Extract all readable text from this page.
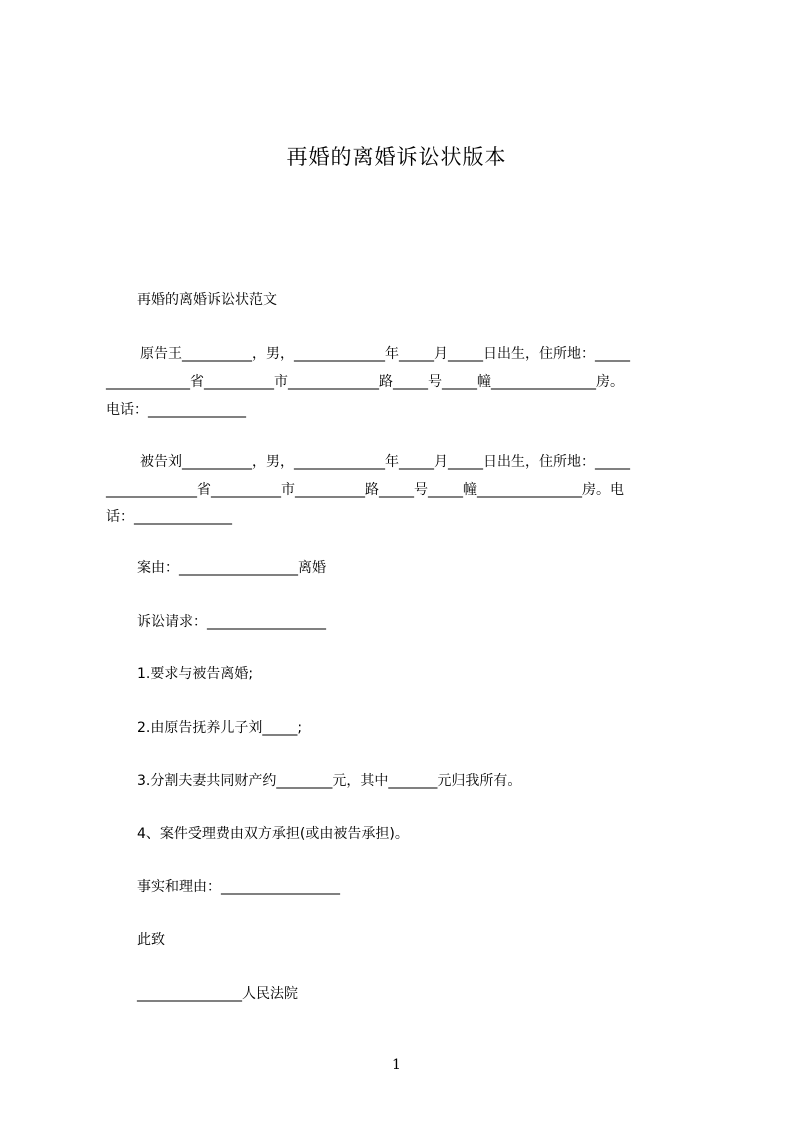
再婚的离婚诉讼状版本
再婚的离婚诉讼状范文
原告王__________，男，_____________年_____月_____日出生，住所地：_____
____________省__________市_____________路_____号_____幢_______________房。
电话：______________
被告刘__________，男，_____________年_____月_____日出生，住所地：_____
_____________省__________市__________路_____号_____幢_______________房。电
话：______________
案由：_________________离婚
诉讼请求：_________________
1.要求与被告离婚;
2.由原告抚养儿子刘_____;
3.分割夫妻共同财产约________元，其中_______元归我所有。
4、案件受理费由双方承担(或由被告承担)。
事实和理由：_________________
此致
_______________人民法院
1
